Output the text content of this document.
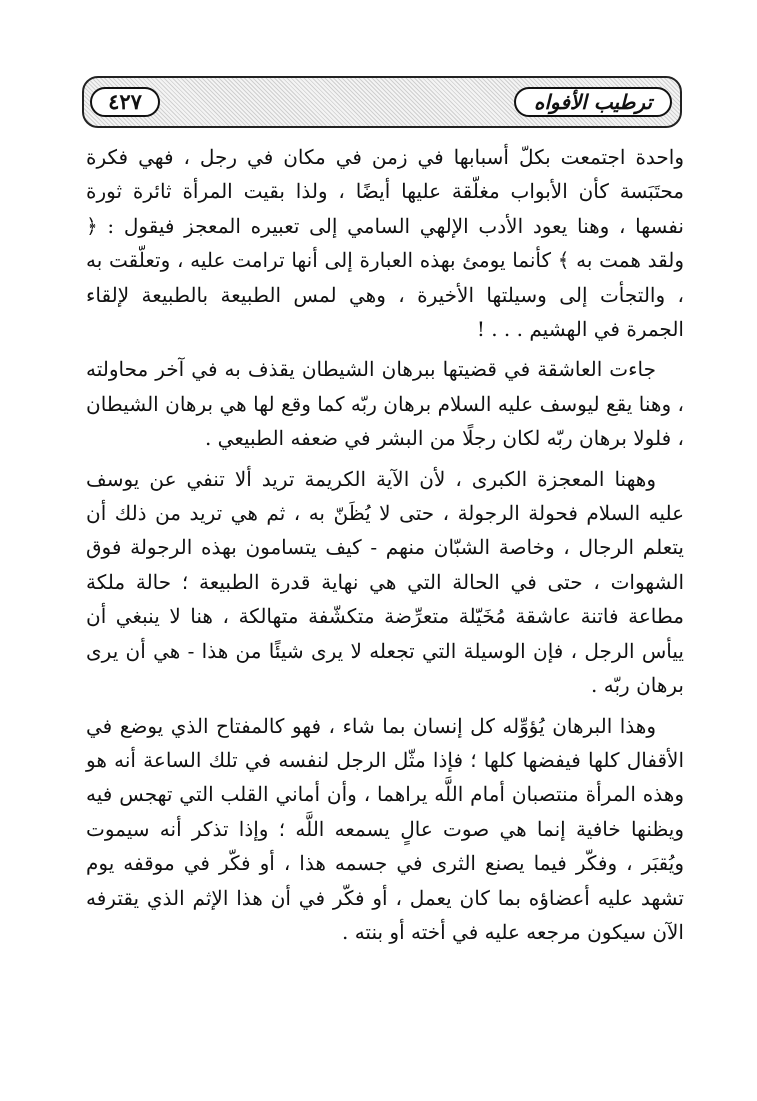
٤٢٧	ترطيب الأفواه

واحدة اجتمعت بكلّ أسبابها في زمن في مكان في رجل ، فهي فكرة محتَبَسة كأن الأبواب مغلّقة عليها أيضًا ، ولذا بقيت المرأة ثائرة ثورة نفسها ، وهنا يعود الأدب الإلهي السامي إلى تعبيره المعجز فيقول : ﴿ ولقد همت به ﴾ كأنما يومئ بهذه العبارة إلى أنها ترامت عليه ، وتعلّقت به ، والتجأت إلى وسيلتها الأخيرة ، وهي لمس الطبيعة بالطبيعة لإلقاء الجمرة في الهشيم . . . !

جاءت العاشقة في قضيتها ببرهان الشيطان يقذف به في آخر محاولته ، وهنا يقع ليوسف عليه السلام برهان ربّه كما وقع لها هي برهان الشيطان ، فلولا برهان ربّه لكان رجلًا من البشر في ضعفه الطبيعي .

وههنا المعجزة الكبرى ، لأن الآية الكريمة تريد ألا تنفي عن يوسف عليه السلام فحولة الرجولة ، حتى لا يُظَنّ به ، ثم هي تريد من ذلك أن يتعلم الرجال ، وخاصة الشبّان منهم - كيف يتسامون بهذه الرجولة فوق الشهوات ، حتى في الحالة التي هي نهاية قدرة الطبيعة ؛ حالة ملكة مطاعة فاتنة عاشقة مُخَيّلة متعرِّضة متكشّفة متهالكة ، هنا لا ينبغي أن ييأس الرجل ، فإن الوسيلة التي تجعله لا يرى شيئًا من هذا - هي أن يرى برهان ربّه .

وهذا البرهان يُؤوِّله كل إنسان بما شاء ، فهو كالمفتاح الذي يوضع في الأقفال كلها فيفضها كلها ؛ فإذا مثّل الرجل لنفسه في تلك الساعة أنه هو وهذه المرأة منتصبان أمام اللَّه يراهما ، وأن أماني القلب التي تهجس فيه ويظنها خافية إنما هي صوت عالٍ يسمعه اللَّه ؛ وإذا تذكر أنه سيموت ويُقبَر ، وفكّر فيما يصنع الثرى في جسمه هذا ، أو فكّر في موقفه يوم تشهد عليه أعضاؤه بما كان يعمل ، أو فكّر في أن هذا الإثم الذي يقترفه الآن سيكون مرجعه عليه في أخته أو بنته .
